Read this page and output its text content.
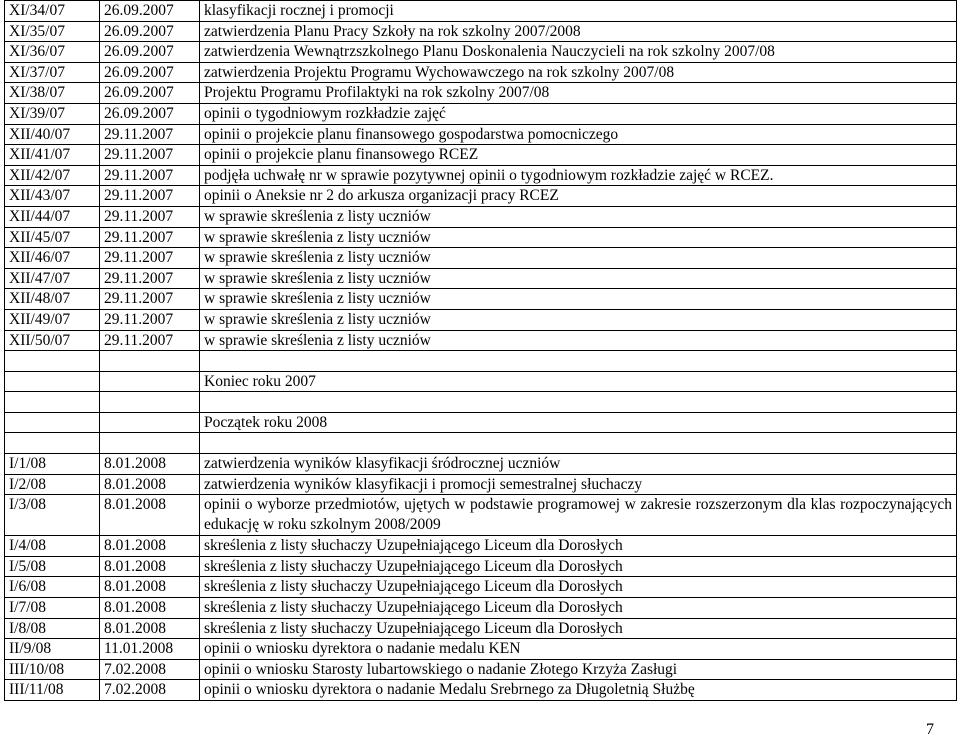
XI/34/07	26.09.2007	klasyfikacji rocznej i promocji
XI/35/07	26.09.2007	zatwierdzenia Planu Pracy Szkoły na rok szkolny 2007/2008
XI/36/07	26.09.2007	zatwierdzenia Wewnątrzszkolnego Planu Doskonalenia Nauczycieli na rok szkolny 2007/08
XI/37/07	26.09.2007	zatwierdzenia Projektu Programu Wychowawczego na rok szkolny 2007/08
XI/38/07	26.09.2007	Projektu Programu Profilaktyki na rok szkolny 2007/08
XI/39/07	26.09.2007	opinii o tygodniowym rozkładzie zajęć
XII/40/07	29.11.2007	opinii o projekcie planu finansowego gospodarstwa pomocniczego
XII/41/07	29.11.2007	opinii o projekcie planu finansowego RCEZ
XII/42/07	29.11.2007	podjęła uchwałę nr w sprawie pozytywnej opinii o tygodniowym rozkładzie zajęć w RCEZ.
XII/43/07	29.11.2007	opinii o Aneksie nr 2 do arkusza organizacji pracy RCEZ
XII/44/07	29.11.2007	w sprawie skreślenia z listy uczniów
XII/45/07	29.11.2007	w sprawie skreślenia z listy uczniów
XII/46/07	29.11.2007	w sprawie skreślenia z listy uczniów
XII/47/07	29.11.2007	w sprawie skreślenia z listy uczniów
XII/48/07	29.11.2007	w sprawie skreślenia z listy uczniów
XII/49/07	29.11.2007	w sprawie skreślenia z listy uczniów
XII/50/07	29.11.2007	w sprawie skreślenia z listy uczniów

		Koniec roku 2007

		Początek roku 2008

I/1/08	8.01.2008	zatwierdzenia wyników klasyfikacji śródrocznej uczniów
I/2/08	8.01.2008	zatwierdzenia wyników klasyfikacji i promocji semestralnej słuchaczy
I/3/08	8.01.2008	opinii o wyborze przedmiotów, ujętych w podstawie programowej w zakresie rozszerzonym dla klas rozpoczynających edukację w roku szkolnym 2008/2009
I/4/08	8.01.2008	skreślenia z listy słuchaczy Uzupełniającego Liceum dla Dorosłych
I/5/08	8.01.2008	skreślenia z listy słuchaczy Uzupełniającego Liceum dla Dorosłych
I/6/08	8.01.2008	skreślenia z listy słuchaczy Uzupełniającego Liceum dla Dorosłych
I/7/08	8.01.2008	skreślenia z listy słuchaczy Uzupełniającego Liceum dla Dorosłych
I/8/08	8.01.2008	skreślenia z listy słuchaczy Uzupełniającego Liceum dla Dorosłych
II/9/08	11.01.2008	opinii o wniosku dyrektora o nadanie medalu KEN
III/10/08	7.02.2008	opinii o wniosku Starosty lubartowskiego o nadanie Złotego Krzyża Zasługi
III/11/08	7.02.2008	opinii o wniosku dyrektora o nadanie Medalu Srebrnego za Długoletnią Służbę
7
